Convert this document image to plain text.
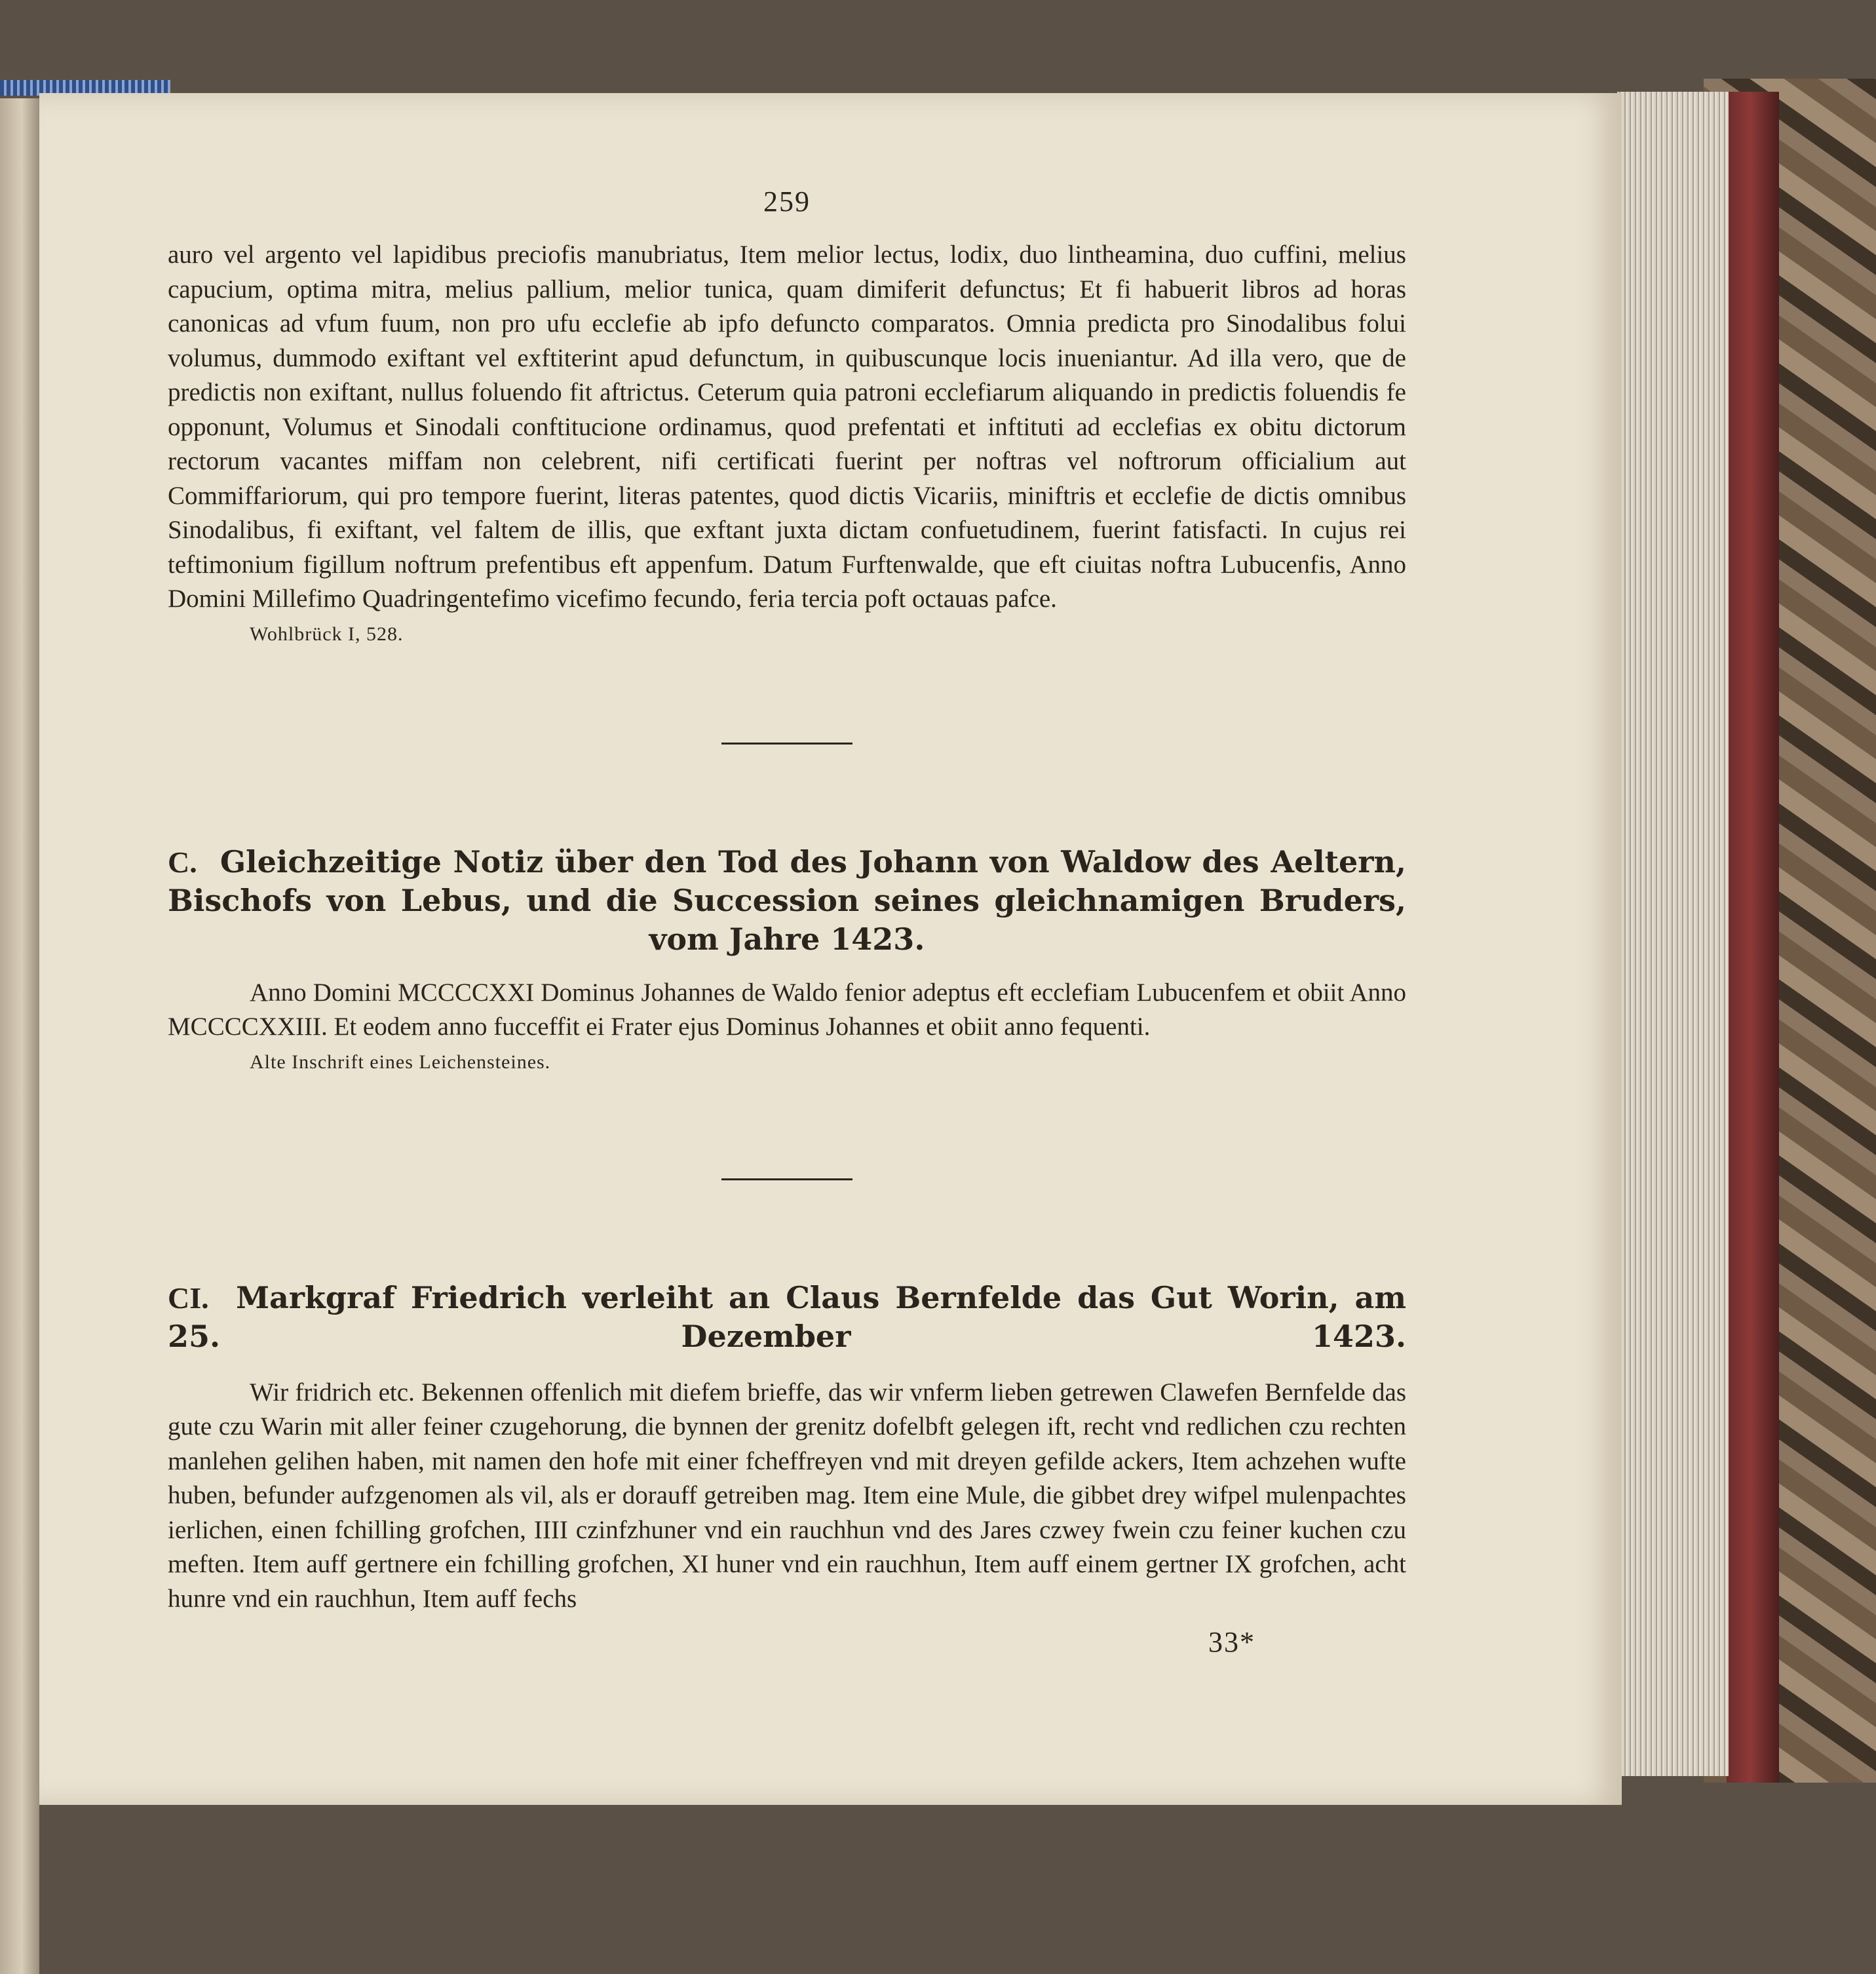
259

auro vel argento vel lapidibus preciofis manubriatus, Item melior lectus, lodix, duo lintheamina, duo cuffini, melius capucium, optima mitra, melius pallium, melior tunica, quam dimiferit defunctus; Et fi habuerit libros ad horas canonicas ad vfum fuum, non pro ufu ecclefie ab ipfo defuncto comparatos. Omnia predicta pro Sinodalibus folui volumus, dummodo exiftant vel exftiterint apud defunctum, in quibuscunque locis inueniantur. Ad illa vero, que de predictis non exiftant, nullus foluendo fit aftrictus. Ceterum quia patroni ecclefiarum aliquando in predictis foluendis fe opponunt, Volumus et Sinodali conftitucione ordinamus, quod prefentati et inftituti ad ecclefias ex obitu dictorum rectorum vacantes miffam non celebrent, nifi certificati fuerint per noftras vel noftrorum officialium aut Commiffariorum, qui pro tempore fuerint, literas patentes, quod dictis Vicariis, miniftris et ecclefie de dictis omnibus Sinodalibus, fi exiftant, vel faltem de illis, que exftant juxta dictam confuetudinem, fuerint fatisfacti. In cujus rei teftimonium figillum noftrum prefentibus eft appenfum. Datum Furftenwalde, que eft ciuitas noftra Lubucenfis, Anno Domini Millefimo Quadringentefimo vicefimo fecundo, feria tercia poft octauas pafce.

Wohlbrück I, 528.
C. Gleichzeitige Notiz über den Tod des Johann von Waldow des Aeltern, Bischofs von Lebus, und die Succession seines gleichnamigen Bruders, vom Jahre 1423.

Anno Domini MCCCCXXI Dominus Johannes de Waldo fenior adeptus eft ecclefiam Lubucenfem et obiit Anno MCCCCXXIII. Et eodem anno fucceffit ei Frater ejus Dominus Johannes et obiit anno fequenti.

Alte Inschrift eines Leichensteines.
CI. Markgraf Friedrich verleiht an Claus Bernfelde das Gut Worin, am 25. Dezember 1423.

Wir fridrich etc. Bekennen offenlich mit diefem brieffe, das wir vnferm lieben getrewen Clawefen Bernfelde das gute czu Warin mit aller feiner czugehorung, die bynnen der grenitz dofelbft gelegen ift, recht vnd redlichen czu rechten manlehen gelihen haben, mit namen den hofe mit einer fcheffreyen vnd mit dreyen gefilde ackers, Item achzehen wufte huben, befunder aufzgenomen als vil, als er dorauff getreiben mag. Item eine Mule, die gibbet drey wifpel mulenpachtes ierlichen, einen fchilling grofchen, IIII czinfzhuner vnd ein rauchhun vnd des Jares czwey fwein czu feiner kuchen czu meften. Item auff gertnere ein fchilling grofchen, XI huner vnd ein rauchhun, Item auff einem gertner IX grofchen, acht hunre vnd ein rauchhun, Item auff fechs

33*
